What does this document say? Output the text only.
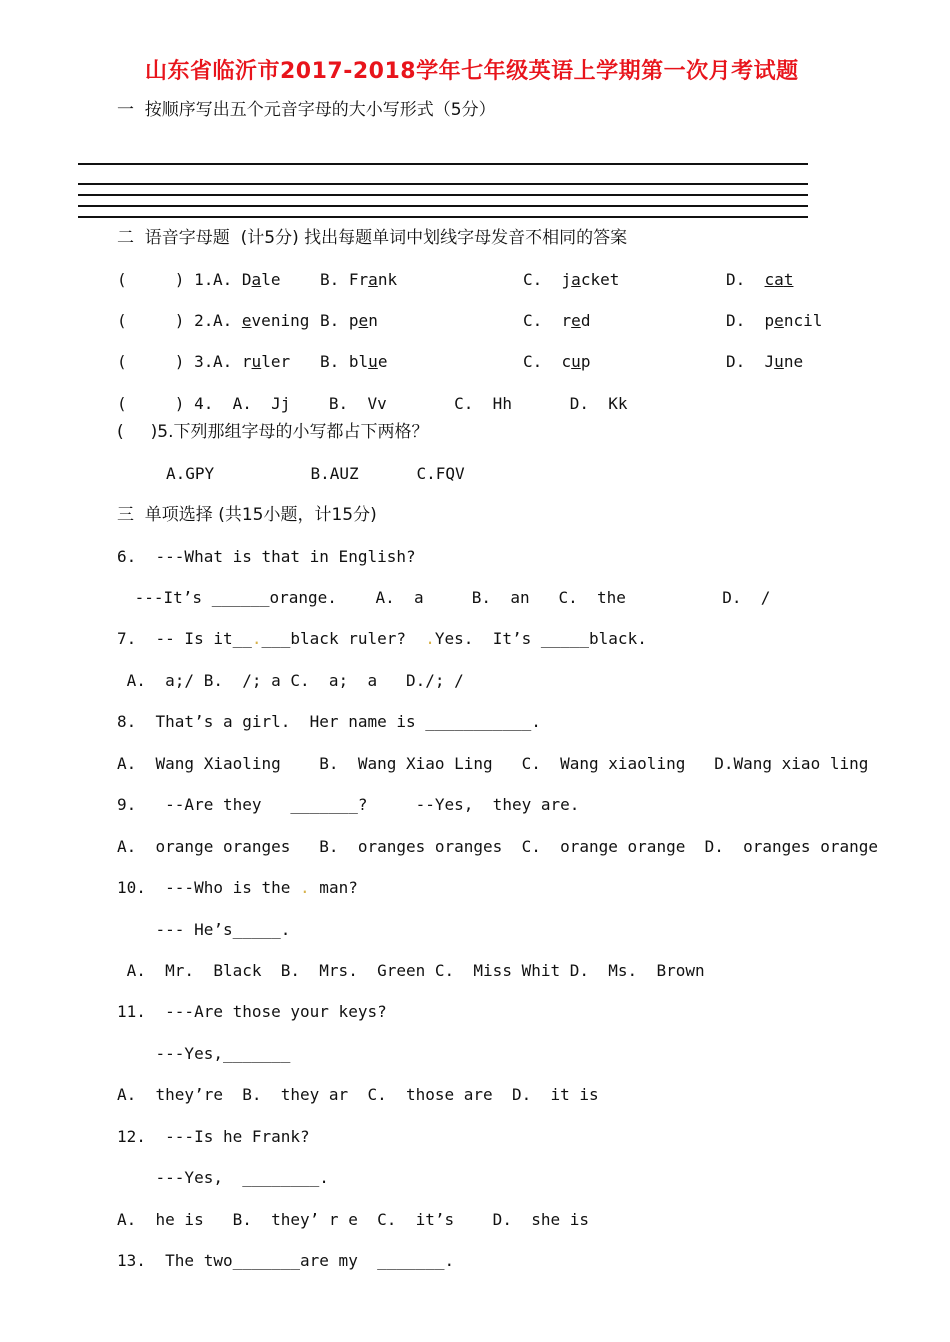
山东省临沂市2017-2018学年七年级英语上学期第一次月考试题
一  按顺序写出五个元音字母的大小写形式（5分）
二  语音字母题  (计5分) 找出每题单词中划线字母发音不相同的答案
(     ) 1. A. Dale B. Frank	C. jacket	D. cat
(     ) 2. A. evening B. pen	C. red	D. pencil
(     ) 3. A. ruler B. blue	C. cup	D. June
(     ) 4.  A.  Jj    B.  Vv       C.  Hh      D.  Kk
(     )5.下列那组字母的小写都占下两格？
A.GPY          B.AUZ      C.FQV
三  单项选择 (共15小题，计15分)
6.  ---What is that in English?
---It’s ______orange.    A.  a     B.  an   C.  the          D.  /
7.  -- Is it__.___black ruler?  .Yes.  It’s _____black.
A.  a;/ B.  /; a C.  a;  a   D./; /
8.  That’s a girl.  Her name is ___________.
A.  Wang Xiaoling    B.  Wang Xiao Ling   C.  Wang xiaoling   D.Wang xiao ling
9.   --Are they   _______?     --Yes,  they are.
A.  orange oranges   B.  oranges oranges  C.  orange orange  D.  oranges orange
10.  ---Who is the . man?
--- He’s_____.
A.  Mr.  Black  B.  Mrs.  Green C.  Miss Whit D.  Ms.  Brown
11.  ---Are those your keys?
---Yes,_______
A.  they’re  B.  they ar  C.  those are  D.  it is
12.  ---Is he Frank?
---Yes,  ________.
A.  he is   B.  they’ r e  C.  it’s    D.  she is
13.  The two_______are my  _______.
